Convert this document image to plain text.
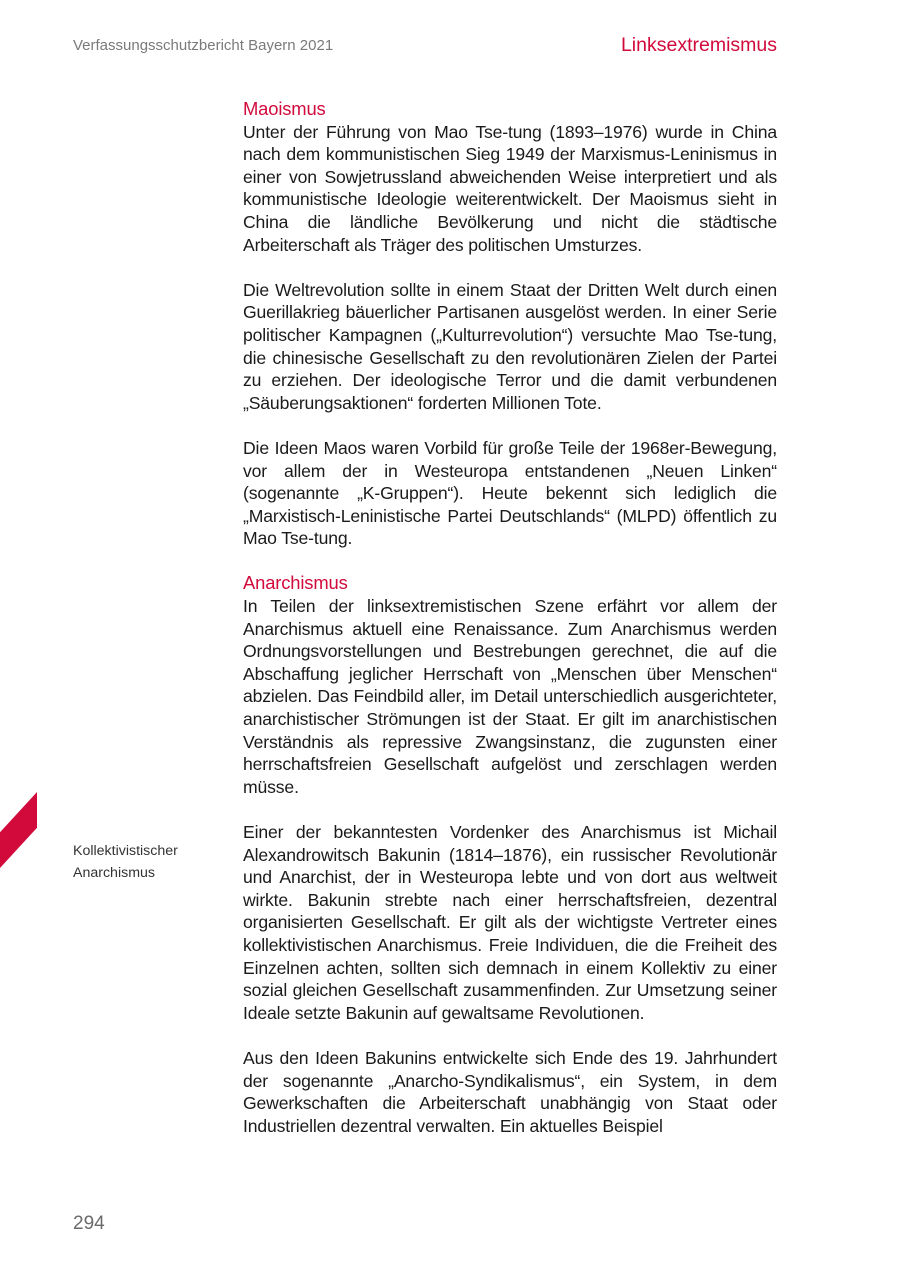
Verfassungsschutzbericht Bayern 2021	Linksextremismus
Kollektivistischer
Anarchismus
Maoismus

Unter der Führung von Mao Tse-tung (1893–1976) wurde in China nach dem kommunistischen Sieg 1949 der Marxismus-Leninismus in einer von Sowjetrussland abweichenden Weise interpretiert und als kommunistische Ideologie weiterentwickelt. Der Maoismus sieht in China die ländliche Bevölkerung und nicht die städtische Arbeiterschaft als Träger des politischen Umsturzes.

Die Weltrevolution sollte in einem Staat der Dritten Welt durch einen Guerillakrieg bäuerlicher Partisanen ausgelöst werden. In einer Serie politischer Kampagnen („Kulturrevolution“) versuchte Mao Tse-tung, die chinesische Gesellschaft zu den revolutionären Zielen der Partei zu erziehen. Der ideologische Terror und die damit verbundenen „Säuberungsaktionen“ forderten Millionen Tote.

Die Ideen Maos waren Vorbild für große Teile der 1968er-Bewegung, vor allem der in Westeuropa entstandenen „Neuen Linken“ (sogenannte „K-Gruppen“). Heute bekennt sich lediglich die „Marxistisch-Leninistische Partei Deutschlands“ (MLPD) öffentlich zu Mao Tse-tung.

Anarchismus

In Teilen der linksextremistischen Szene erfährt vor allem der Anarchismus aktuell eine Renaissance. Zum Anarchismus werden Ordnungsvorstellungen und Bestrebungen gerechnet, die auf die Abschaffung jeglicher Herrschaft von „Menschen über Menschen“ abzielen. Das Feindbild aller, im Detail unterschiedlich ausgerichteter, anarchistischer Strömungen ist der Staat. Er gilt im anarchistischen Verständnis als repressive Zwangsinstanz, die zugunsten einer herrschaftsfreien Gesellschaft aufgelöst und zerschlagen werden müsse.

Einer der bekanntesten Vordenker des Anarchismus ist Michail Alexandrowitsch Bakunin (1814–1876), ein russischer Revolutionär und Anarchist, der in Westeuropa lebte und von dort aus weltweit wirkte. Bakunin strebte nach einer herrschaftsfreien, dezentral organisierten Gesellschaft. Er gilt als der wichtigste Vertreter eines kollektivistischen Anarchismus. Freie Individuen, die die Freiheit des Einzelnen achten, sollten sich demnach in einem Kollektiv zu einer sozial gleichen Gesellschaft zusammenfinden. Zur Umsetzung seiner Ideale setzte Bakunin auf gewaltsame Revolutionen.

Aus den Ideen Bakunins entwickelte sich Ende des 19. Jahrhundert der sogenannte „Anarcho-Syndikalismus“, ein System, in dem Gewerkschaften die Arbeiterschaft unabhängig von Staat oder Industriellen dezentral verwalten. Ein aktuelles Beispiel

294
